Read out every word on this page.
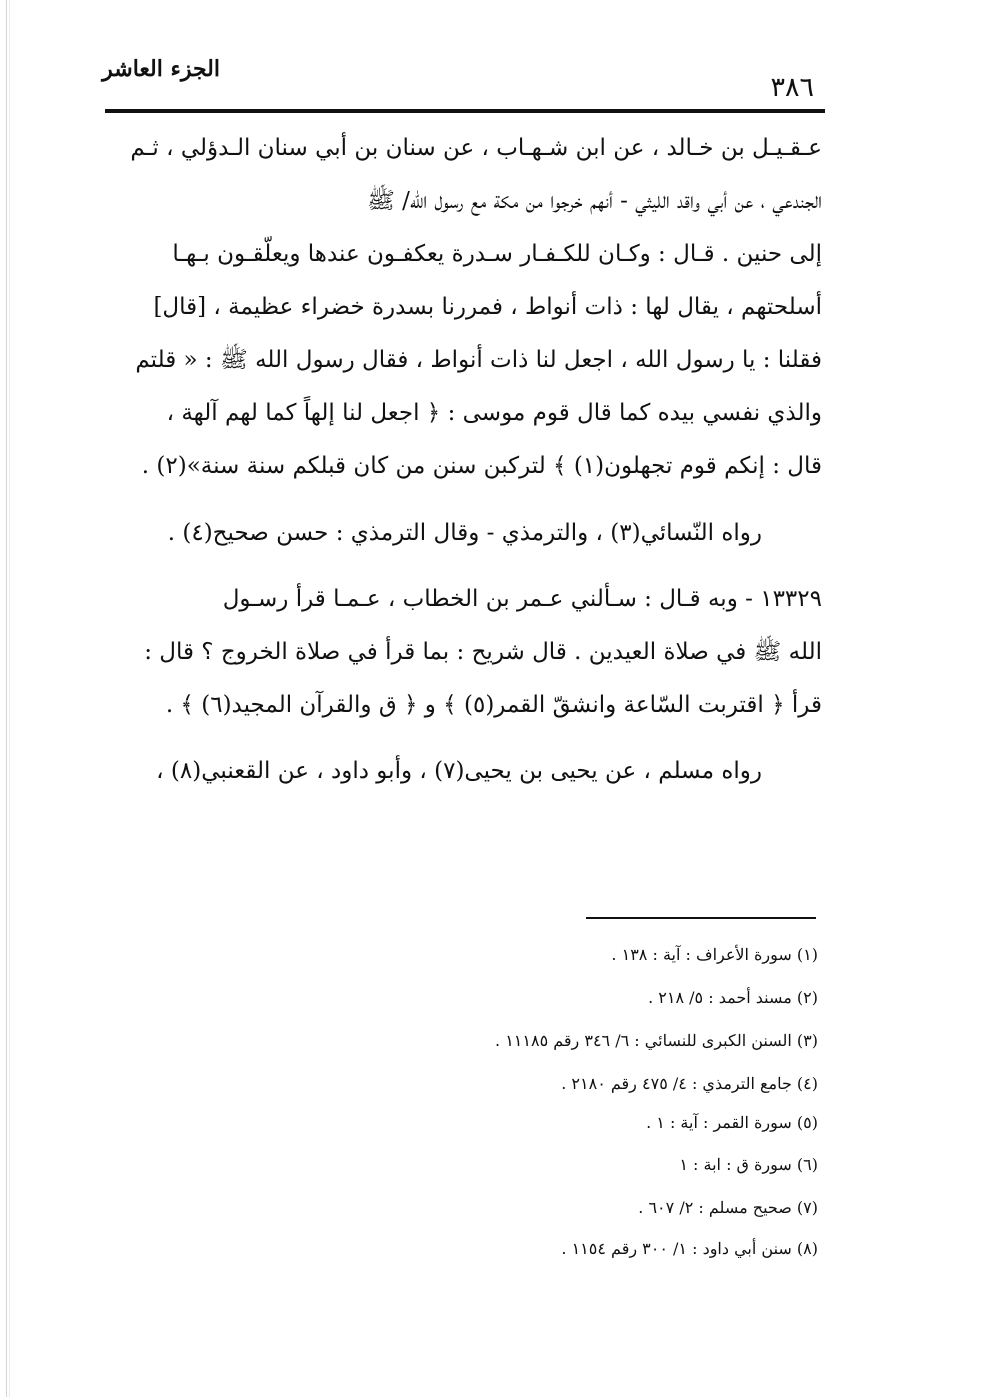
الجزء العاشر
٣٨٦
عـقـيـل بن خـالد ، عن ابن شـهـاب ، عن سنان بن أبي سنان الـدؤلي ، ثـم
الجندعي ، عن أبي واقد الليثي - أنهم خرجوا من مكة مع رسول الله/ ﷺ
إلى حنين . قـال : وكـان للكـفـار سـدرة يعكفـون عندها ويعلّقـون بـهـا
أسلحتهم ، يقال لها : ذات أنواط ، فمررنا بسدرة خضراء عظيمة ، [قال]
فقلنا : يا رسول الله ، اجعل لنا ذات أنواط ، فقال رسول الله ﷺ : « قلتم
والذي نفسي بيده كما قال قوم موسى : ﴿ اجعل لنا إلهاً كما لهم آلهة ،
قال : إنكم قوم تجهلون(١) ﴾ لتركبن سنن من كان قبلكم سنة سنة»(٢) .
رواه النّسائي(٣) ، والترمذي - وقال الترمذي : حسن صحيح(٤) .
١٣٣٢٩ - وبه قـال : سـألني عـمر بن الخطاب ، عـمـا قرأ رسـول
الله ﷺ في صلاة العيدين . قال شريح : بما قرأ في صلاة الخروج ؟ قال :
قرأ ﴿ اقتربت السّاعة وانشقّ القمر(٥) ﴾ و ﴿ ق والقرآن المجيد(٦) ﴾ .
رواه مسلم ، عن يحيى بن يحيى(٧) ، وأبو داود ، عن القعنبي(٨) ،
(١) سورة الأعراف : آية : ١٣٨ .
(٢) مسند أحمد : ٥/ ٢١٨ .
(٣) السنن الكبرى للنسائي : ٦/ ٣٤٦ رقم ١١١٨٥ .
(٤) جامع الترمذي : ٤/ ٤٧٥ رقم ٢١٨٠ .
(٥) سورة القمر : آية : ١ .
(٦) سورة ق : ابة : ١
(٧) صحيح مسلم : ٢/ ٦٠٧ .
(٨) سنن أبي داود : ١/ ٣٠٠ رقم ١١٥٤ .
